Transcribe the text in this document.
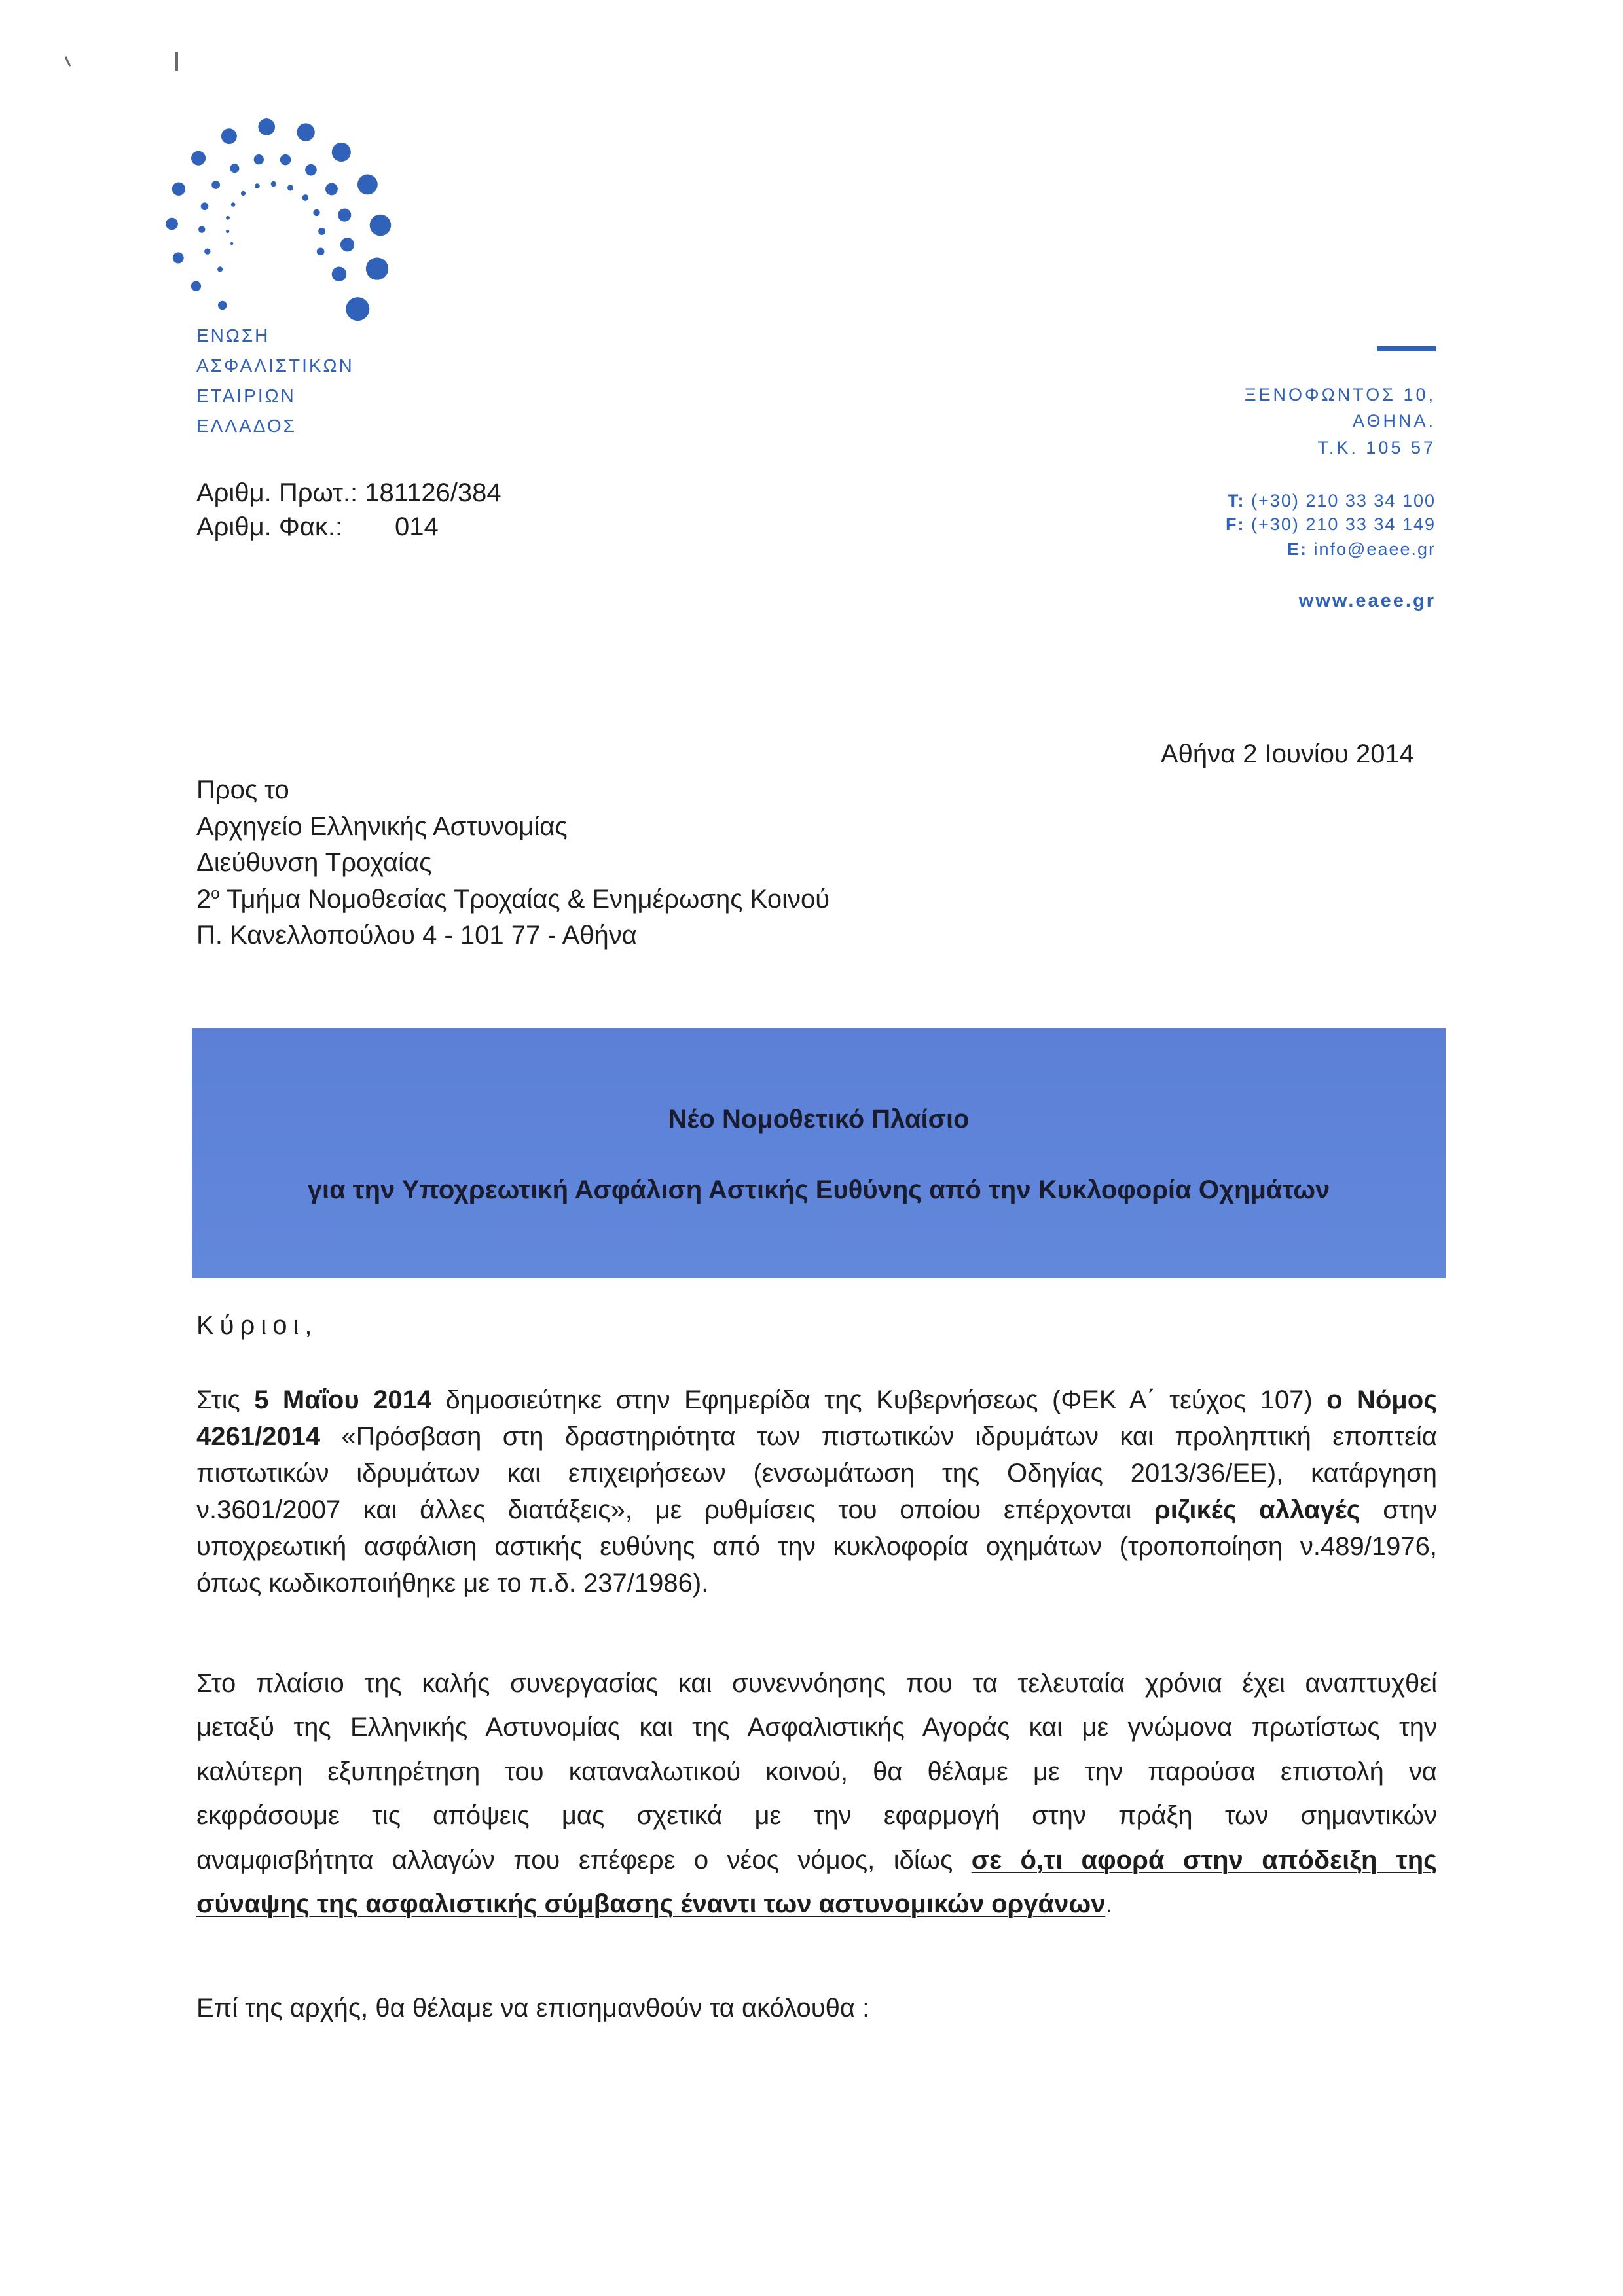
ΕΝΩΣΗ
ΑΣΦΑΛΙΣΤΙΚΩΝ
ΕΤΑΙΡΙΩΝ
ΕΛΛΑΔΟΣ
Αριθμ. Πρωτ.: 181126/384
Αριθμ. Φακ.: 014
ΞΕΝΟΦΩΝΤΟΣ 10,
ΑΘΗΝΑ.
Τ.Κ. 105 57
T: (+30) 210 33 34 100
F: (+30) 210 33 34 149
E: info@eaee.gr
www.eaee.gr
Αθήνα 2 Ιουνίου 2014
Προς το
Αρχηγείο Ελληνικής Αστυνομίας
Διεύθυνση Τροχαίας
$2^o$ Τμήμα Νομοθεσίας Τροχαίας & Ενημέρωσης Κοινού
Π. Κανελλοπούλου 4 - 101 77 - Αθήνα
Νέο Νομοθετικό Πλαίσιο
για την Υποχρεωτική Ασφάλιση Αστικής Ευθύνης από την Κυκλοφορία Οχημάτων
Κύριοι,
Στις 5 Μαΐου 2014 δημοσιεύτηκε στην Εφημερίδα της Κυβερνήσεως (ΦΕΚ Α΄ τεύχος 107) ο Νόμος
4261/2014 «Πρόσβαση στη δραστηριότητα των πιστωτικών ιδρυμάτων και προληπτική εποπτεία
πιστωτικών ιδρυμάτων και επιχειρήσεων (ενσωμάτωση της Οδηγίας 2013/36/ΕΕ), κατάργηση
ν.3601/2007 και άλλες διατάξεις», με ρυθμίσεις του οποίου επέρχονται ριζικές αλλαγές στην
υποχρεωτική ασφάλιση αστικής ευθύνης από την κυκλοφορία οχημάτων (τροποποίηση ν.489/1976,
όπως κωδικοποιήθηκε με το π.δ. 237/1986).
Στο πλαίσιο της καλής συνεργασίας και συνεννόησης που τα τελευταία χρόνια έχει αναπτυχθεί
μεταξύ της Ελληνικής Αστυνομίας και της Ασφαλιστικής Αγοράς και με γνώμονα πρωτίστως την
καλύτερη εξυπηρέτηση του καταναλωτικού κοινού, θα θέλαμε με την παρούσα επιστολή να
εκφράσουμε τις απόψεις μας σχετικά με την εφαρμογή στην πράξη των σημαντικών
αναμφισβήτητα αλλαγών που επέφερε ο νέος νόμος, ιδίως σε ό,τι αφορά στην απόδειξη της
σύναψης της ασφαλιστικής σύμβασης έναντι των αστυνομικών οργάνων.
Επί της αρχής, θα θέλαμε να επισημανθούν τα ακόλουθα :
